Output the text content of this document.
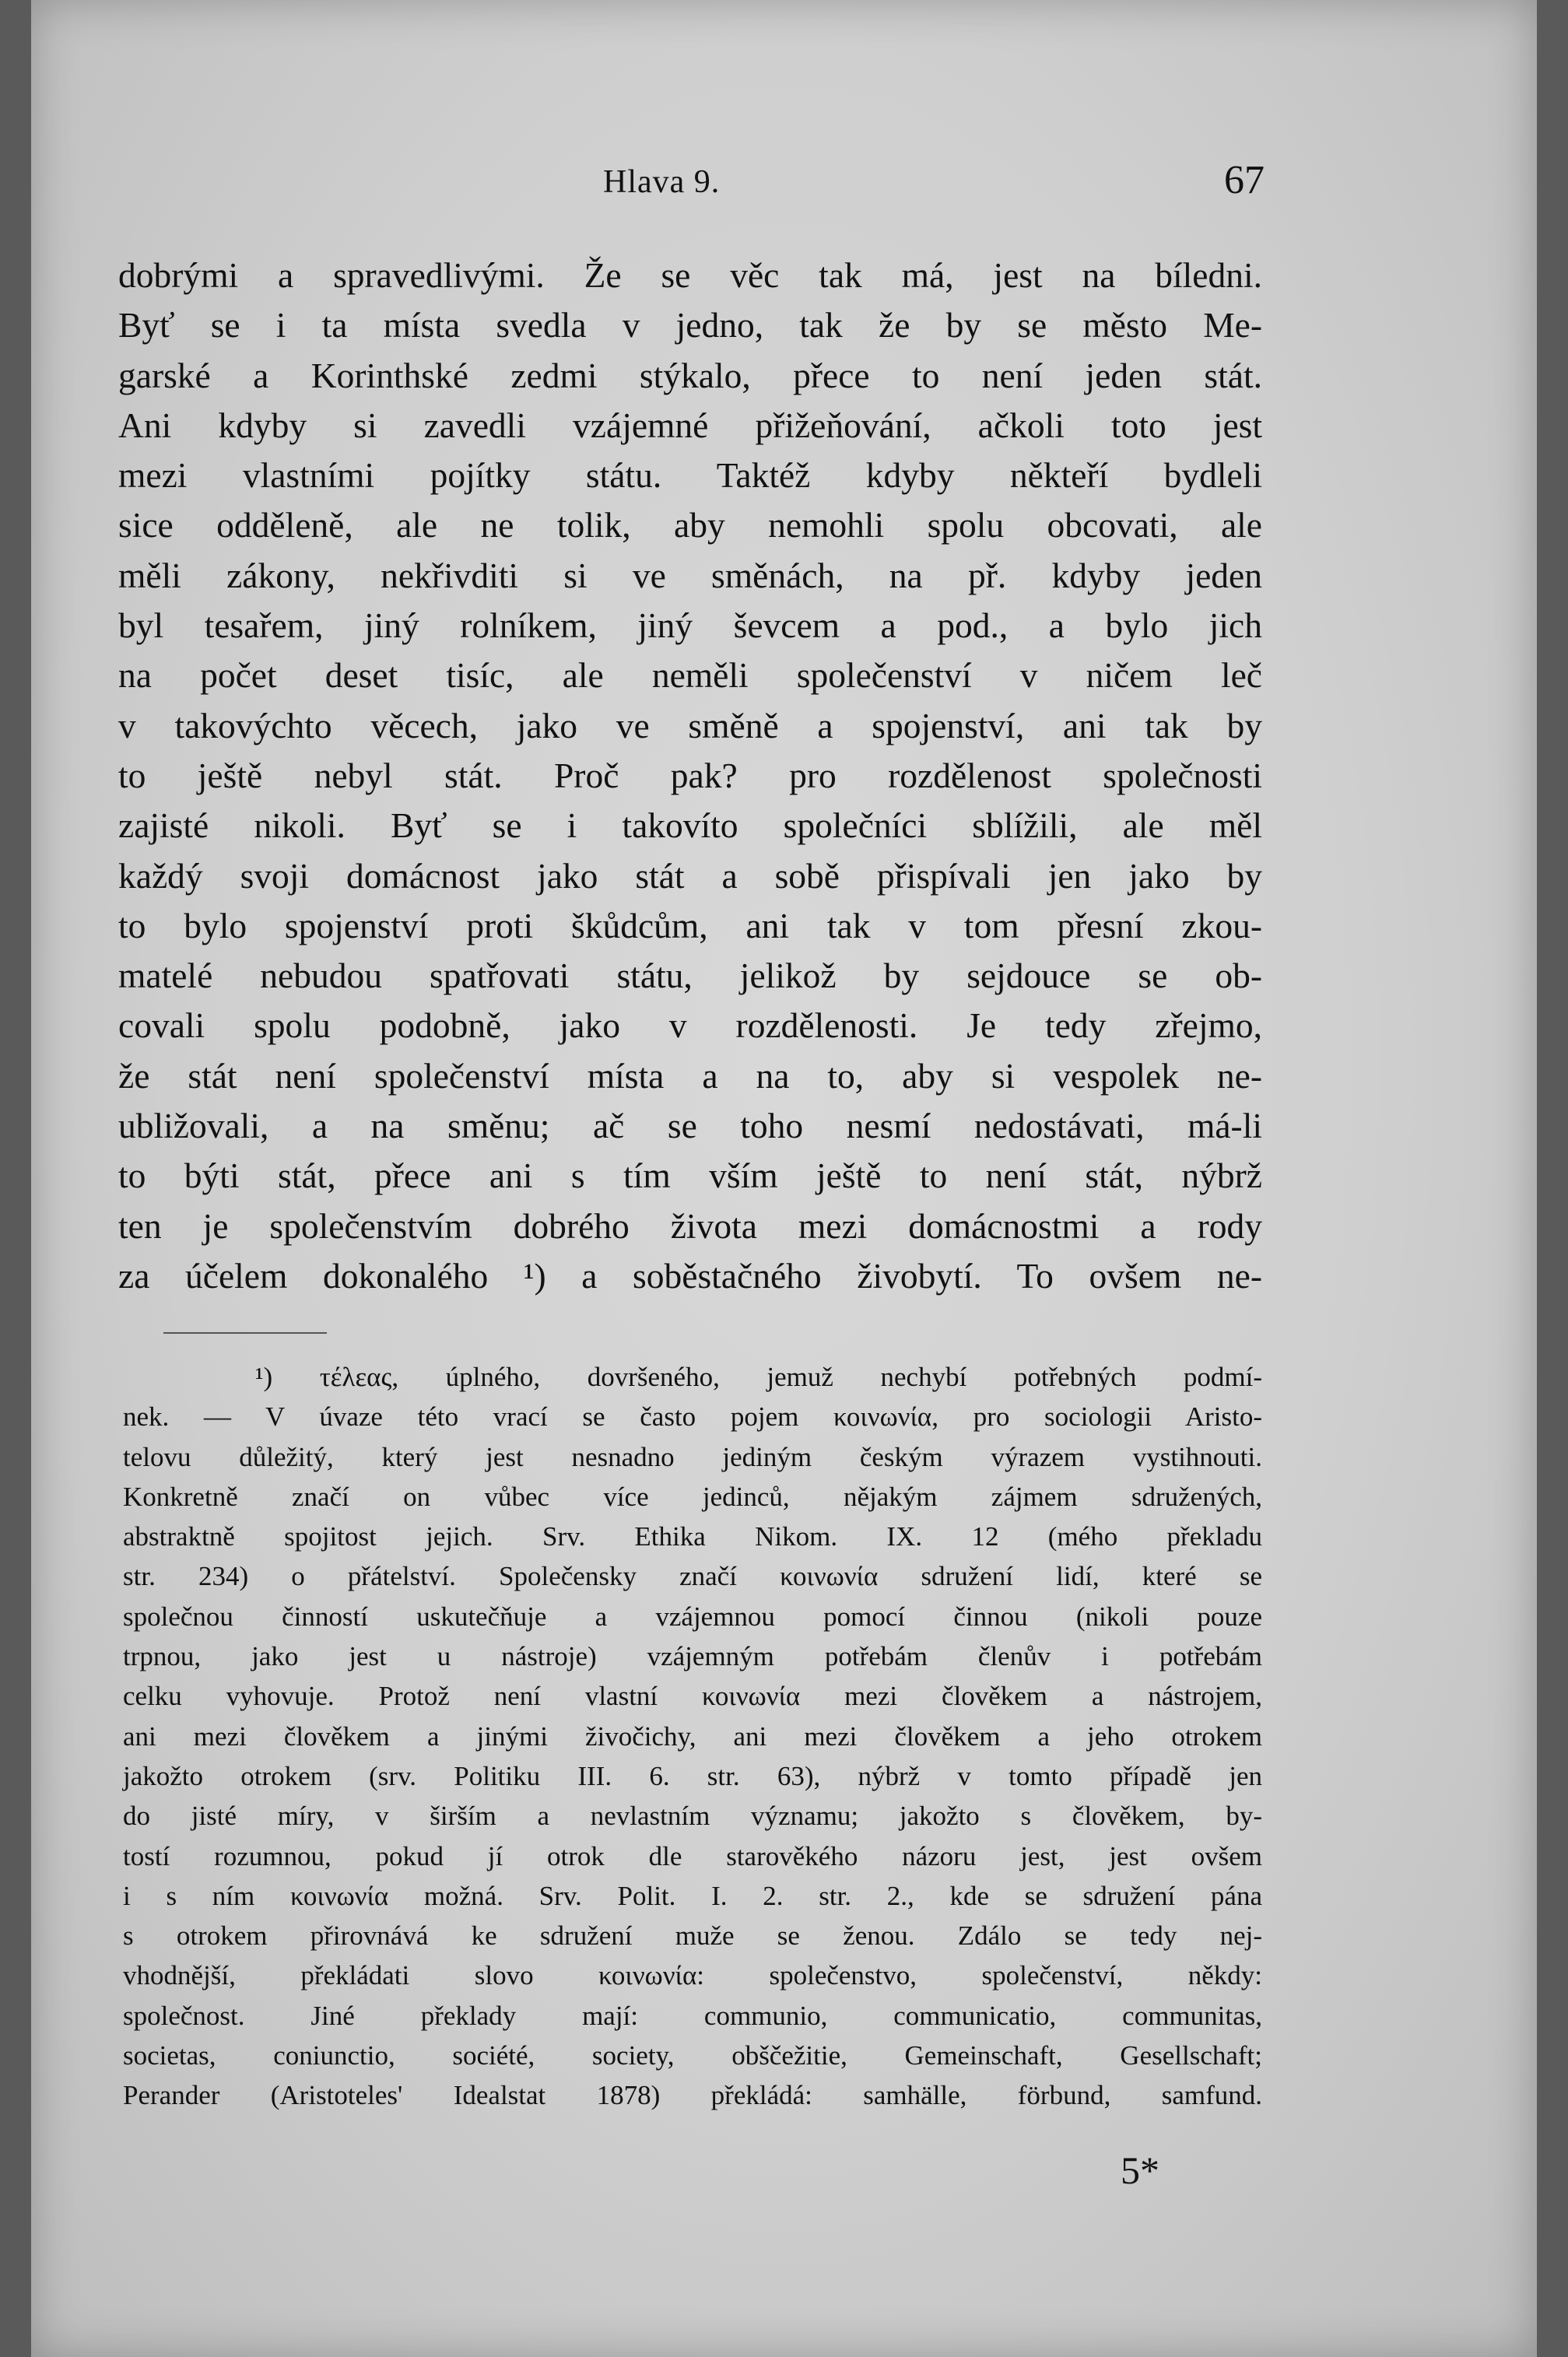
Hlava 9.	67
dobrými a spravedlivými. Že se věc tak má, jest na bíledni.
Byť se i ta místa svedla v jedno, tak že by se město Me-
garské a Korinthské zedmi stýkalo, přece to není jeden stát.
Ani kdyby si zavedli vzájemné přižeňování, ačkoli toto jest
mezi vlastními pojítky státu. Taktéž kdyby někteří bydleli
sice odděleně, ale ne tolik, aby nemohli spolu obcovati, ale
měli zákony, nekřivditi si ve směnách, na př. kdyby jeden
byl tesařem, jiný rolníkem, jiný ševcem a pod., a bylo jich
na počet deset tisíc, ale neměli společenství v ničem leč
v takovýchto věcech, jako ve směně a spojenství, ani tak by
to ještě nebyl stát. Proč pak? pro rozdělenost společnosti
zajisté nikoli. Byť se i takovíto společníci sblížili, ale měl
každý svoji domácnost jako stát a sobě přispívali jen jako by
to bylo spojenství proti škůdcům, ani tak v tom přesní zkou-
matelé nebudou spatřovati státu, jelikož by sejdouce se ob-
covali spolu podobně, jako v rozdělenosti. Je tedy zřejmo,
že stát není společenství místa a na to, aby si vespolek ne-
ubližovali, a na směnu; ač se toho nesmí nedostávati, má-li
to býti stát, přece ani s tím vším ještě to není stát, nýbrž
ten je společenstvím dobrého života mezi domácnostmi a rody
za účelem dokonalého ¹) a soběstačného živobytí. To ovšem ne-
¹) τέλεας, úplného, dovršeného, jemuž nechybí potřebných podmí-
nek. — V úvaze této vrací se často pojem κοινωνία, pro sociologii Aristo-
telovu důležitý, který jest nesnadno jediným českým výrazem vystihnouti.
Konkretně značí on vůbec více jedinců, nějakým zájmem sdružených,
abstraktně spojitost jejich. Srv. Ethika Nikom. IX. 12 (mého překladu
str. 234) o přátelství. Společensky značí κοινωνία sdružení lidí, které se
společnou činností uskutečňuje a vzájemnou pomocí činnou (nikoli pouze
trpnou, jako jest u nástroje) vzájemným potřebám členův i potřebám
celku vyhovuje. Protož není vlastní κοινωνία mezi člověkem a nástrojem,
ani mezi člověkem a jinými živočichy, ani mezi člověkem a jeho otrokem
jakožto otrokem (srv. Politiku III. 6. str. 63), nýbrž v tomto případě jen
do jisté míry, v širším a nevlastním významu; jakožto s člověkem, by-
tostí rozumnou, pokud jí otrok dle starověkého názoru jest, jest ovšem
i s ním κοινωνία možná. Srv. Polit. I. 2. str. 2., kde se sdružení pána
s otrokem přirovnává ke sdružení muže se ženou. Zdálo se tedy nej-
vhodnější, překládati slovo κοινωνία: společenstvo, společenství, někdy:
společnost. Jiné překlady mají: communio, communicatio, communitas,
societas, coniunctio, société, society, obščežitie, Gemeinschaft, Gesellschaft;
Perander (Aristoteles' Idealstat 1878) překládá: samhälle, förbund, samfund.
5*
